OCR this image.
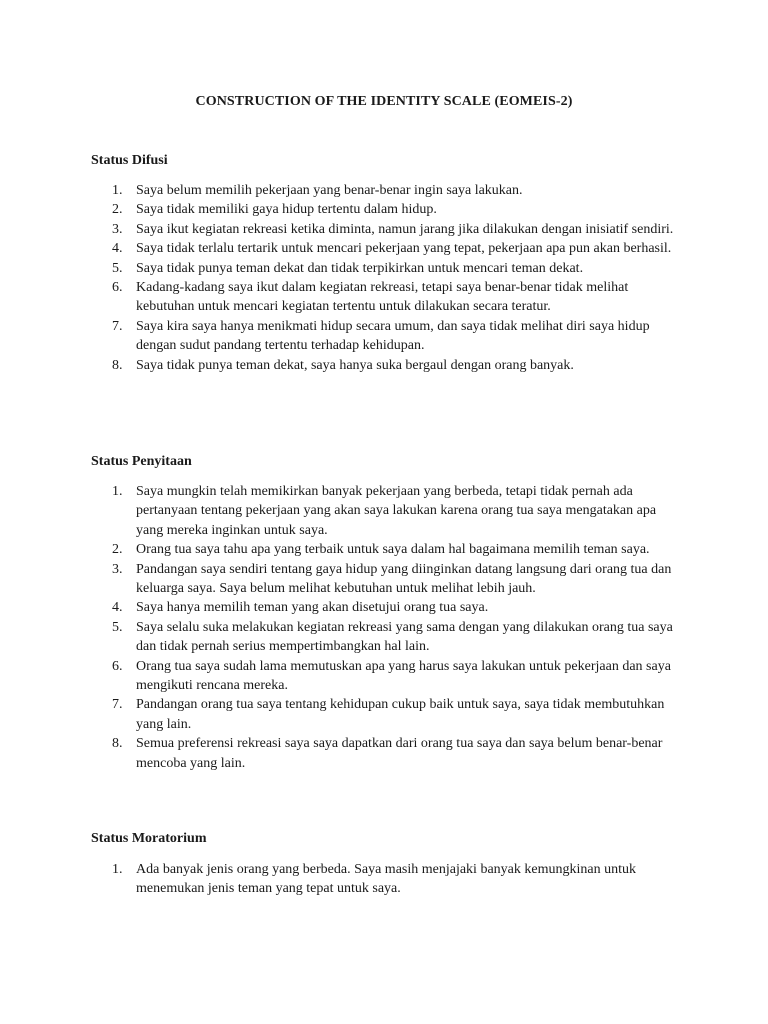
CONSTRUCTION OF THE IDENTITY SCALE (EOMEIS-2)
Status Difusi
1. Saya belum memilih pekerjaan yang benar-benar ingin saya lakukan.
2. Saya tidak memiliki gaya hidup tertentu dalam hidup.
3. Saya ikut kegiatan rekreasi ketika diminta, namun jarang jika dilakukan dengan inisiatif sendiri.
4. Saya tidak terlalu tertarik untuk mencari pekerjaan yang tepat, pekerjaan apa pun akan berhasil.
5. Saya tidak punya teman dekat dan tidak terpikirkan untuk mencari teman dekat.
6. Kadang-kadang saya ikut dalam kegiatan rekreasi, tetapi saya benar-benar tidak melihat kebutuhan untuk mencari kegiatan tertentu untuk dilakukan secara teratur.
7. Saya kira saya hanya menikmati hidup secara umum, dan saya tidak melihat diri saya hidup dengan sudut pandang tertentu terhadap kehidupan.
8. Saya tidak punya teman dekat, saya hanya suka bergaul dengan orang banyak.
Status Penyitaan
1. Saya mungkin telah memikirkan banyak pekerjaan yang berbeda, tetapi tidak pernah ada pertanyaan tentang pekerjaan yang akan saya lakukan karena orang tua saya mengatakan apa yang mereka inginkan untuk saya.
2. Orang tua saya tahu apa yang terbaik untuk saya dalam hal bagaimana memilih teman saya.
3. Pandangan saya sendiri tentang gaya hidup yang diinginkan datang langsung dari orang tua dan keluarga saya. Saya belum melihat kebutuhan untuk melihat lebih jauh.
4. Saya hanya memilih teman yang akan disetujui orang tua saya.
5. Saya selalu suka melakukan kegiatan rekreasi yang sama dengan yang dilakukan orang tua saya dan tidak pernah serius mempertimbangkan hal lain.
6. Orang tua saya sudah lama memutuskan apa yang harus saya lakukan untuk pekerjaan dan saya mengikuti rencana mereka.
7. Pandangan orang tua saya tentang kehidupan cukup baik untuk saya, saya tidak membutuhkan yang lain.
8. Semua preferensi rekreasi saya saya dapatkan dari orang tua saya dan saya belum benar-benar mencoba yang lain.
Status Moratorium
1. Ada banyak jenis orang yang berbeda. Saya masih menjajaki banyak kemungkinan untuk menemukan jenis teman yang tepat untuk saya.
